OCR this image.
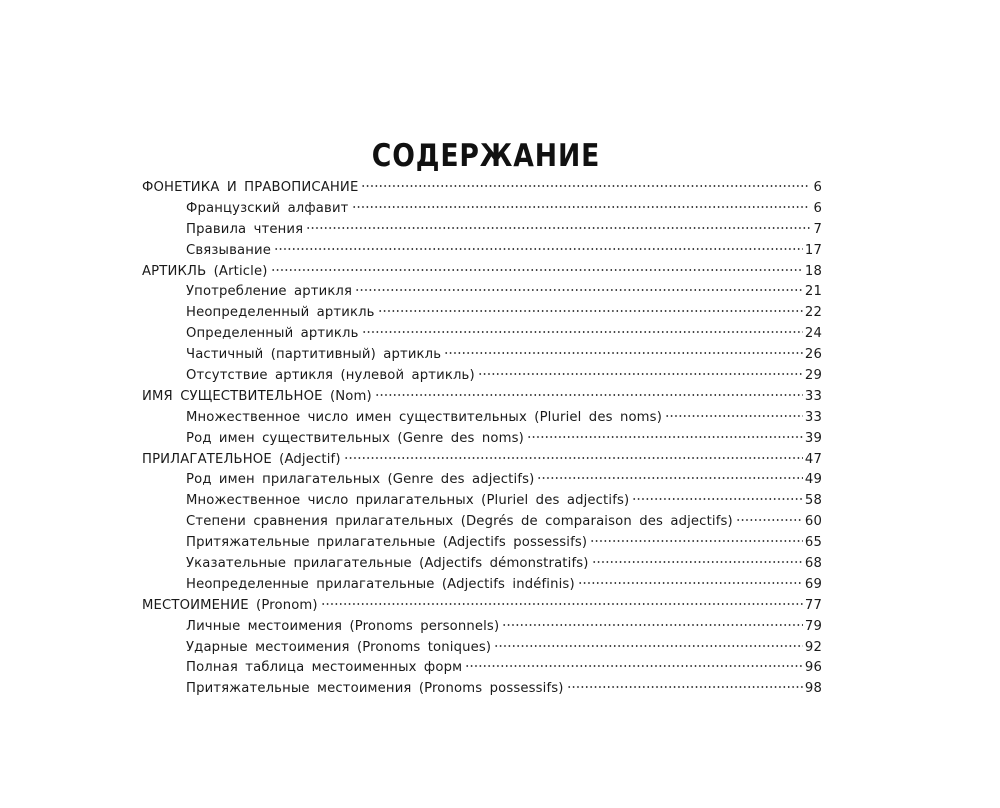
СОДЕРЖАНИЕ
ФОНЕТИКА И ПРАВОПИСАНИЕ	6
Французский алфавит	6
Правила чтения	7
Связывание	17
АРТИКЛЬ (Article)	18
Употребление артикля	21
Неопределенный артикль	22
Определенный артикль	24
Частичный (партитивный) артикль	26
Отсутствие артикля (нулевой артикль)	29
ИМЯ СУЩЕСТВИТЕЛЬНОЕ (Nom)	33
Множественное число имен существительных (Pluriel des noms)	33
Род имен существительных (Genre des noms)	39
ПРИЛАГАТЕЛЬНОЕ (Adjectif)	47
Род имен прилагательных (Genre des adjectifs)	49
Множественное число прилагательных (Pluriel des adjectifs)	58
Степени сравнения прилагательных (Degrés de comparaison des adjectifs)	60
Притяжательные прилагательные (Adjectifs possessifs)	65
Указательные прилагательные (Adjectifs démonstratifs)	68
Неопределенные прилагательные (Adjectifs indéfinis)	69
МЕСТОИМЕНИЕ (Pronom)	77
Личные местоимения (Pronoms personnels)	79
Ударные местоимения (Pronoms toniques)	92
Полная таблица местоименных форм	96
Притяжательные местоимения (Pronoms possessifs)	98
